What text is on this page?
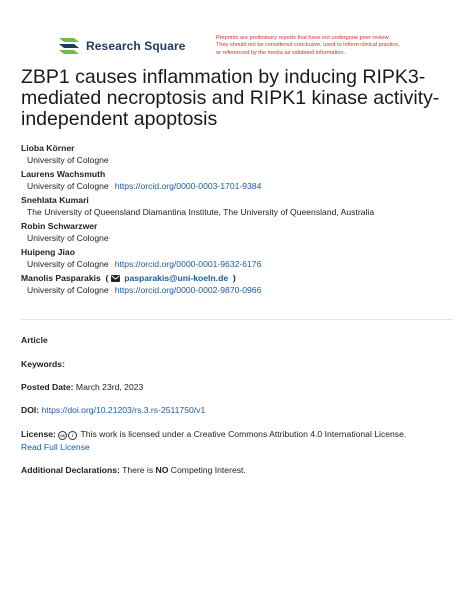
Research Square
Preprints are preliminary reports that have not undergone peer review.
They should not be considered conclusive, used to inform clinical practice,
or referenced by the media as validated information.
ZBP1 causes inflammation by inducing RIPK3-
mediated necroptosis and RIPK1 kinase activity-
independent apoptosis
Lioba Körner
University of Cologne
Laurens Wachsmuth
University of Cologne https://orcid.org/0000-0003-1701-9384
Snehlata Kumari
The University of Queensland Diamantina Institute, The University of Queensland, Australia
Robin Schwarzwer
University of Cologne
Huipeng Jiao
University of Cologne https://orcid.org/0000-0001-9632-6176
Manolis Pasparakis  ( pasparakis@uni-koeln.de  )
University of Cologne https://orcid.org/0000-0002-9870-0966
Article
Keywords:
Posted Date: March 23rd, 2023
DOI: https://doi.org/10.21203/rs.3.rs-2511750/v1
License: cc i This work is licensed under a Creative Commons Attribution 4.0 International License.
Read Full License
Additional Declarations: There is NO Competing Interest.
